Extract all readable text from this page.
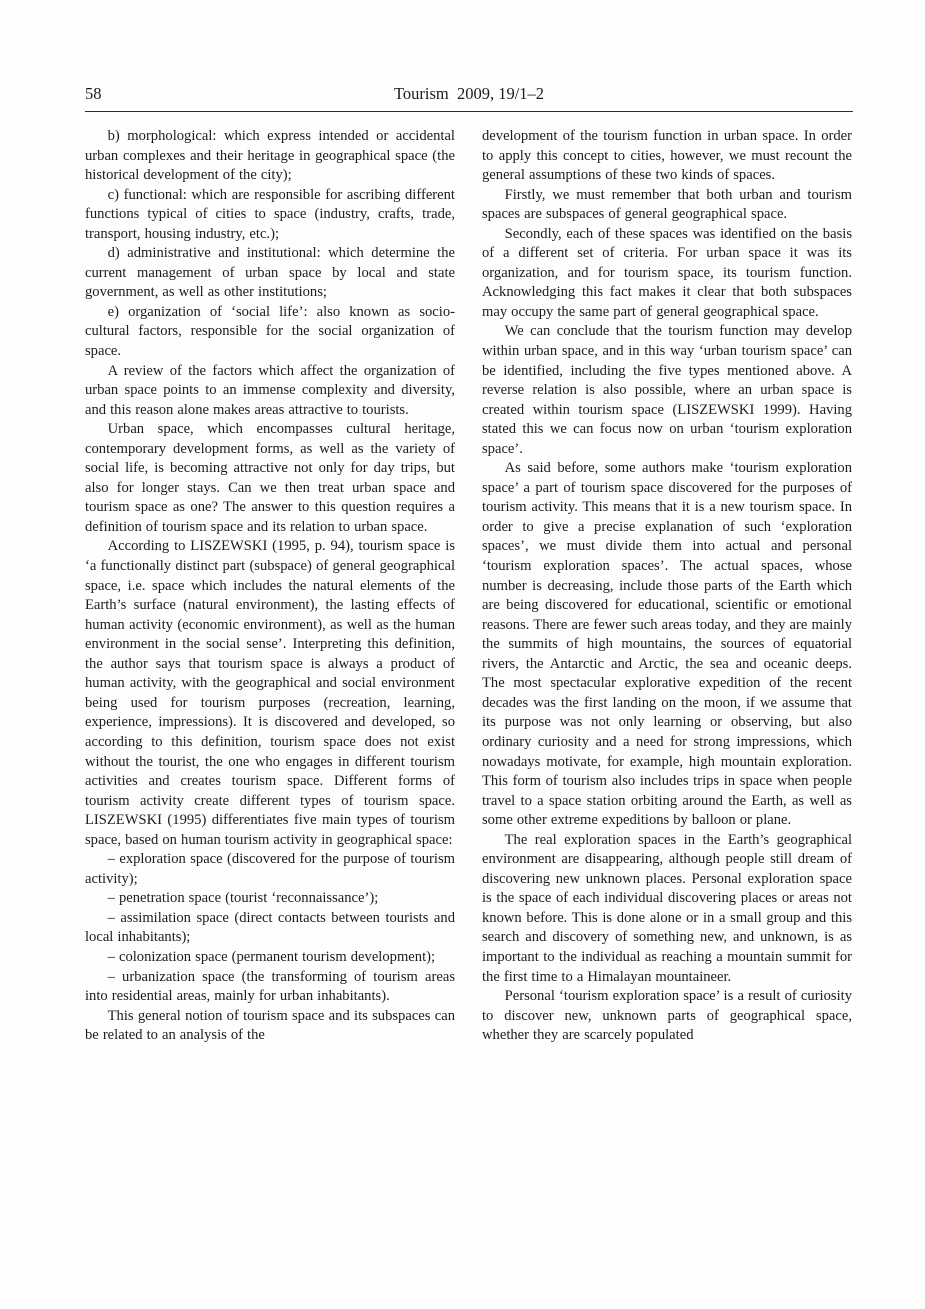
58	Tourism  2009, 19/1–2

b) morphological: which express intended or accidental urban complexes and their heritage in geographical space (the historical development of the city);

c) functional: which are responsible for ascribing different functions typical of cities to space (industry, crafts, trade, transport, housing industry, etc.);

d) administrative and institutional: which determine the current management of urban space by local and state government, as well as other institutions;

e) organization of ‘social life’: also known as socio-cultural factors, responsible for the social organization of space.

A review of the factors which affect the organization of urban space points to an immense complexity and diversity, and this reason alone makes areas attractive to tourists.

Urban space, which encompasses cultural heritage, contemporary development forms, as well as the variety of social life, is becoming attractive not only for day trips, but also for longer stays. Can we then treat urban space and tourism space as one? The answer to this question requires a definition of tourism space and its relation to urban space.

According to LISZEWSKI (1995, p. 94), tourism space is ‘a functionally distinct part (subspace) of general geographical space, i.e. space which includes the natural elements of the Earth’s surface (natural environment), the lasting effects of human activity (economic environment), as well as the human environment in the social sense’. Interpreting this definition, the author says that tourism space is always a product of human activity, with the geographical and social environment being used for tourism purposes (recreation, learning, experience, impressions). It is discovered and developed, so according to this definition, tourism space does not exist without the tourist, the one who engages in different tourism activities and creates tourism space. Different forms of tourism activity create different types of tourism space. LISZEWSKI (1995) differentiates five main types of tourism space, based on human tourism activity in geographical space:

– exploration space (discovered for the purpose of tourism activity);

– penetration space (tourist ‘reconnaissance’);

– assimilation space (direct contacts between tourists and local inhabitants);

– colonization space (permanent tourism development);

– urbanization space (the transforming of tourism areas into residential areas, mainly for urban inhabitants).

This general notion of tourism space and its subspaces can be related to an analysis of the

development of the tourism function in urban space. In order to apply this concept to cities, however, we must recount the general assumptions of these two kinds of spaces.

Firstly, we must remember that both urban and tourism spaces are subspaces of general geographical space.

Secondly, each of these spaces was identified on the basis of a different set of criteria. For urban space it was its organization, and for tourism space, its tourism function. Acknowledging this fact makes it clear that both subspaces may occupy the same part of general geographical space.

We can conclude that the tourism function may develop within urban space, and in this way ‘urban tourism space’ can be identified, including the five types mentioned above. A reverse relation is also possible, where an urban space is created within tourism space (LISZEWSKI 1999). Having stated this we can focus now on urban ‘tourism exploration space’.

As said before, some authors make ‘tourism exploration space’ a part of tourism space discovered for the purposes of tourism activity. This means that it is a new tourism space. In order to give a precise explanation of such ‘exploration spaces’, we must divide them into actual and personal ‘tourism exploration spaces’. The actual spaces, whose number is decreasing, include those parts of the Earth which are being discovered for educational, scientific or emotional reasons. There are fewer such areas today, and they are mainly the summits of high mountains, the sources of equatorial rivers, the Antarctic and Arctic, the sea and oceanic deeps. The most spectacular explorative expedition of the recent decades was the first landing on the moon, if we assume that its purpose was not only learning or observing, but also ordinary curiosity and a need for strong impressions, which nowadays motivate, for example, high mountain exploration. This form of tourism also includes trips in space when people travel to a space station orbiting around the Earth, as well as some other extreme expeditions by balloon or plane.

The real exploration spaces in the Earth’s geographical environment are disappearing, although people still dream of discovering new unknown places. Personal exploration space is the space of each individual discovering places or areas not known before. This is done alone or in a small group and this search and discovery of something new, and unknown, is as important to the individual as reaching a mountain summit for the first time to a Himalayan mountaineer.

Personal ‘tourism exploration space’ is a result of curiosity to discover new, unknown parts of geographical space, whether they are scarcely populated
